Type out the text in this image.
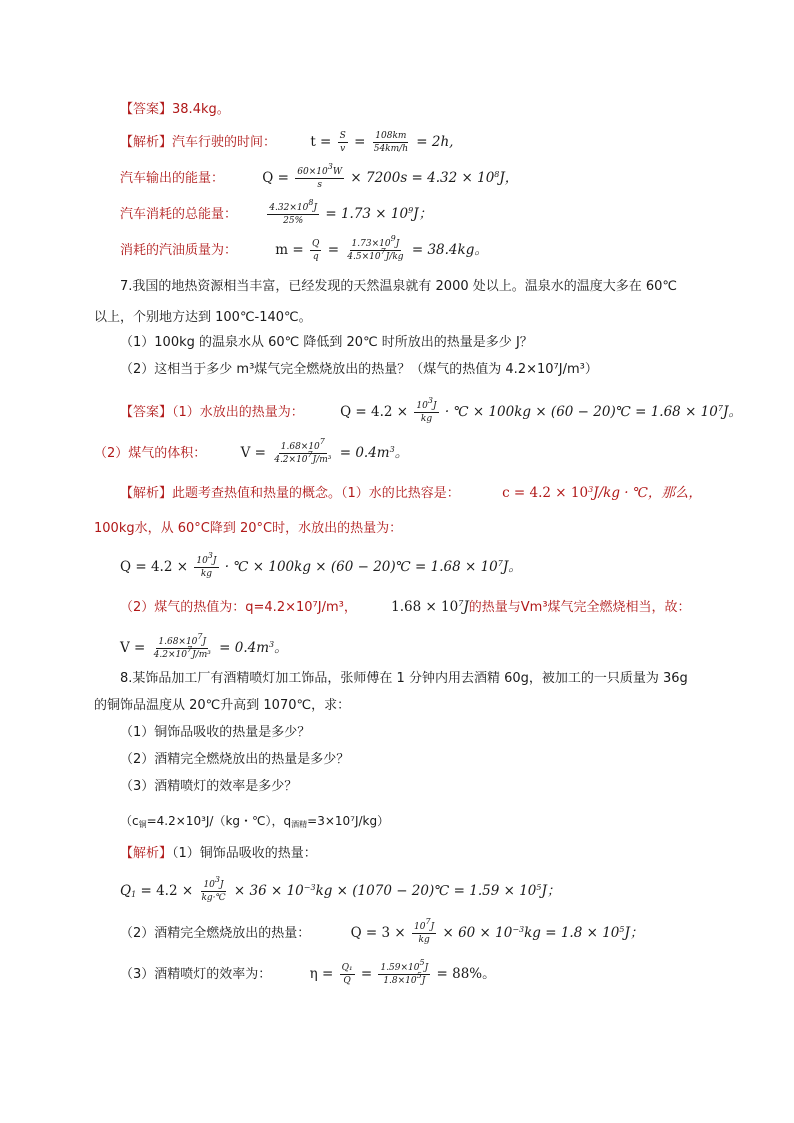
【答案】38.4kg。
【解析】汽车行驶的时间：	$t = \frac{S}{v} = \frac{108km}{54km/h} = 2h$,
汽车输出的能量：	$Q = \frac{60\times 10^3W}{s} \times 7200s = 4.32 \times 10^8J$，
汽车消耗的总能量：	$\frac{4.32\times 10^8J}{25\%} = 1.73 \times 10^9J$；
消耗的汽油质量为：	$m = \frac{Q}{q} = \frac{1.73\times 10^9J}{4.5\times 10^7J/kg} = 38.4kg$。
7.我国的地热资源相当丰富，已经发现的天然温泉就有 2000 处以上。温泉水的温度大多在 60℃
以上，个别地方达到 100℃-140℃。
（1）100kg 的温泉水从 60℃ 降低到 20℃ 时所放出的热量是多少 J？
（2）这相当于多少 m³煤气完全燃烧放出的热量？（煤气的热值为 4.2×10⁷J/m³）
【答案】（1）水放出的热量为：	$Q = 4.2 \times \frac{10^3J}{kg}$ · ℃ × 100kg × (60 − 20)℃ = $1.68 \times 10^7J$。
（2）煤气的体积：	$V = \frac{1.68\times 10^7}{4.2\times 10^7J/m^3} = 0.4m^3$。
【解析】此题考查热值和热量的概念。（1）水的比热容是：	$c = 4.2 \times 10^3J/kg$ · ℃，那么，
100kg水，从 60°C降到 20°C时，水放出的热量为：
$Q = 4.2 \times \frac{10^3J}{kg}$ · ℃ × 100kg × (60 − 20)℃ = $1.68 \times 10^7J$。
（2）煤气的热值为：q=4.2×10⁷J/m³，	$1.68 \times 10^7J$的热量与Vm³煤气完全燃烧相当，故：
$V = \frac{1.68\times 10^7J}{4.2\times 10^7J/m^3} = 0.4m^3$。
8.某饰品加工厂有酒精喷灯加工饰品，张师傅在 1 分钟内用去酒精 60g，被加工的一只质量为 36g
的铜饰品温度从 20℃升高到 1070℃，求：
（1）铜饰品吸收的热量是多少？
（2）酒精完全燃烧放出的热量是多少？
（3）酒精喷灯的效率是多少？
（$c_铜=4.2\times 10^3J/(kg$・℃），$q_{酒精}=3\times 10^7J/kg$）
【解析】（1）铜饰品吸收的热量：
$Q_1 = 4.2 \times \frac{10^3J}{kg\cdot℃} \times 36 \times 10^{-3}kg \times (1070$ − 20)℃ = $1.59 \times 10^5J$；
（2）酒精完全燃烧放出的热量：	$Q = 3 \times \frac{10^7J}{kg} \times 60 \times 10^{-3}kg = 1.8 \times 10^5J$；
（3）酒精喷灯的效率为：	$\eta = \frac{\text{Q₁}}{Q} = \frac{1.59\times 10^5J}{1.8\times 10^5J} = 88\%$。
